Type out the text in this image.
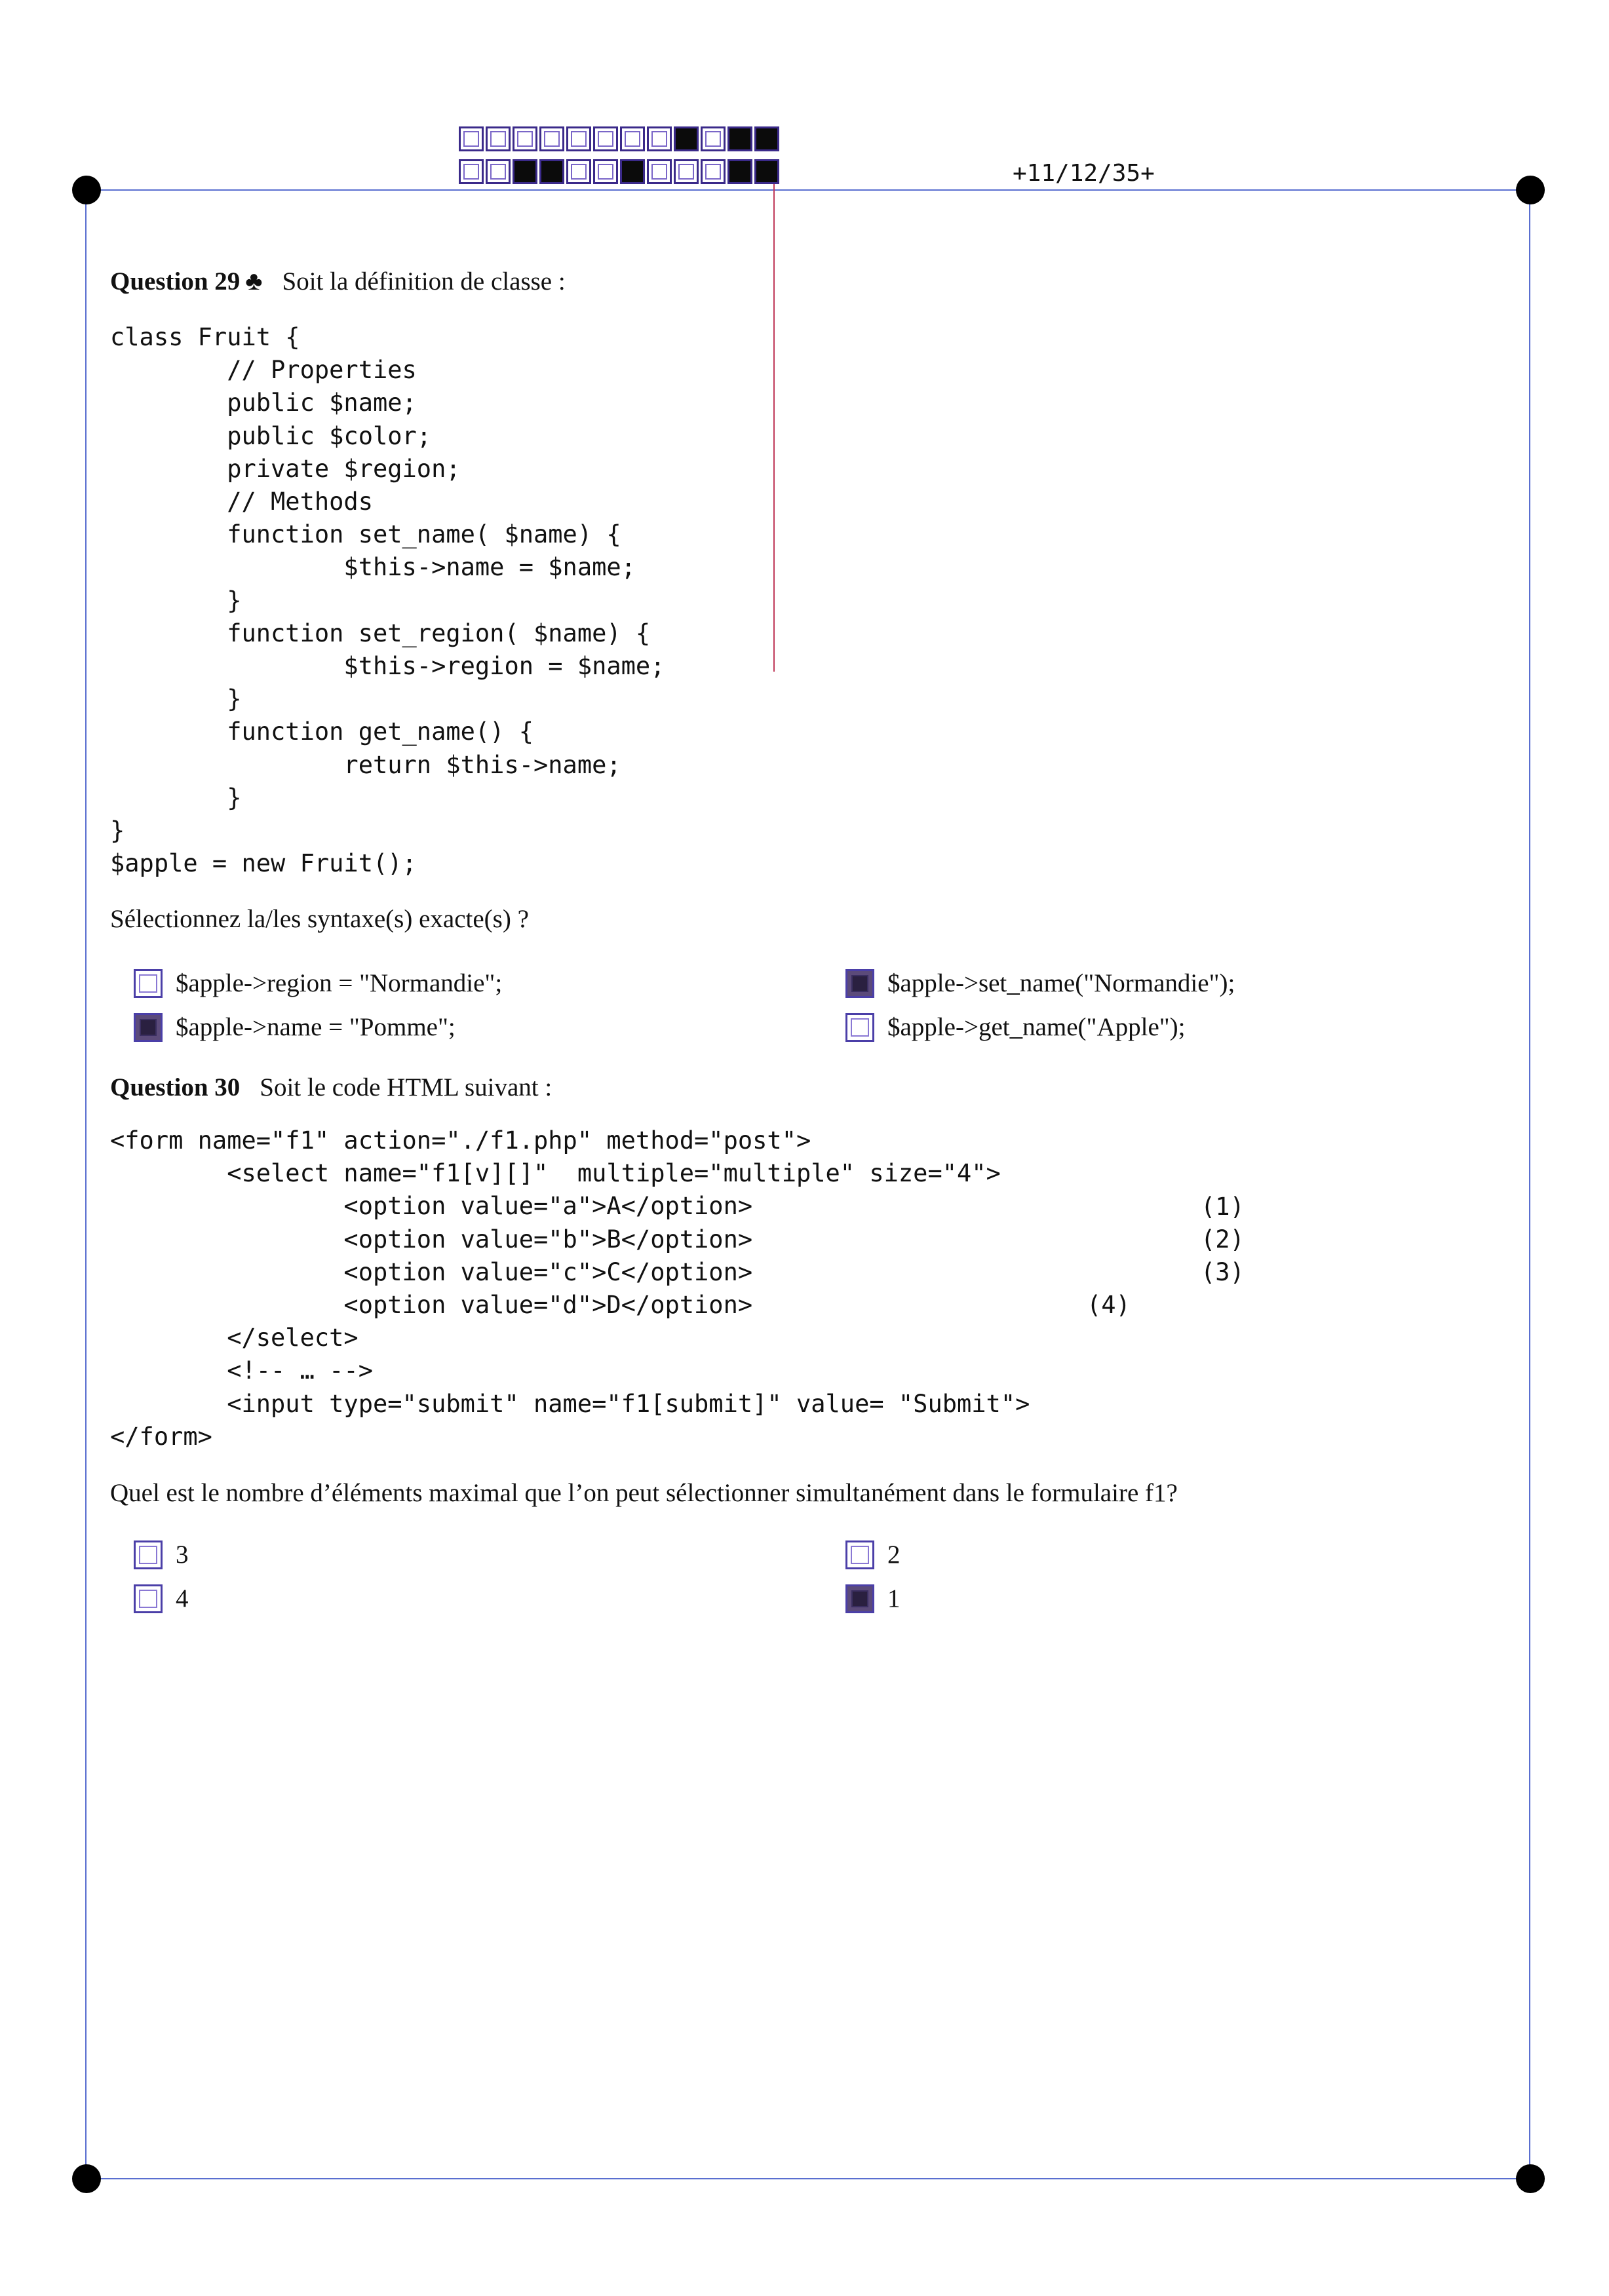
+11/12/35+
Question 29 ♣ Soit la définition de classe :
class Fruit {
// Properties
public $name;
public $color;
private $region;
// Methods
function set_name( $name) {
$this->name = $name;
}
function set_region( $name) {
$this->region = $name;
}
function get_name() {
return $this->name;
}
}
$apple = new Fruit();
Sélectionnez la/les syntaxe(s) exacte(s) ?
$apple->region = "Normandie";	$apple->set_name("Normandie");
$apple->name = "Pomme";	$apple->get_name("Apple");
Question 30 Soit le code HTML suivant :
<form name="f1" action="./f1.php" method="post">
<select name="f1[v][]"  multiple="multiple" size="4">
<option value="a">A</option>
<option value="b">B</option>
<option value="c">C</option>
<option value="d">D</option>
</select>
<!-- … -->
<input type="submit" name="f1[submit]" value= "Submit">
</form>
(1)
(2)
(3)
(4)
Quel est le nombre d’éléments maximal que l’on peut sélectionner simultanément dans le formulaire f1?
3	2
4	1
